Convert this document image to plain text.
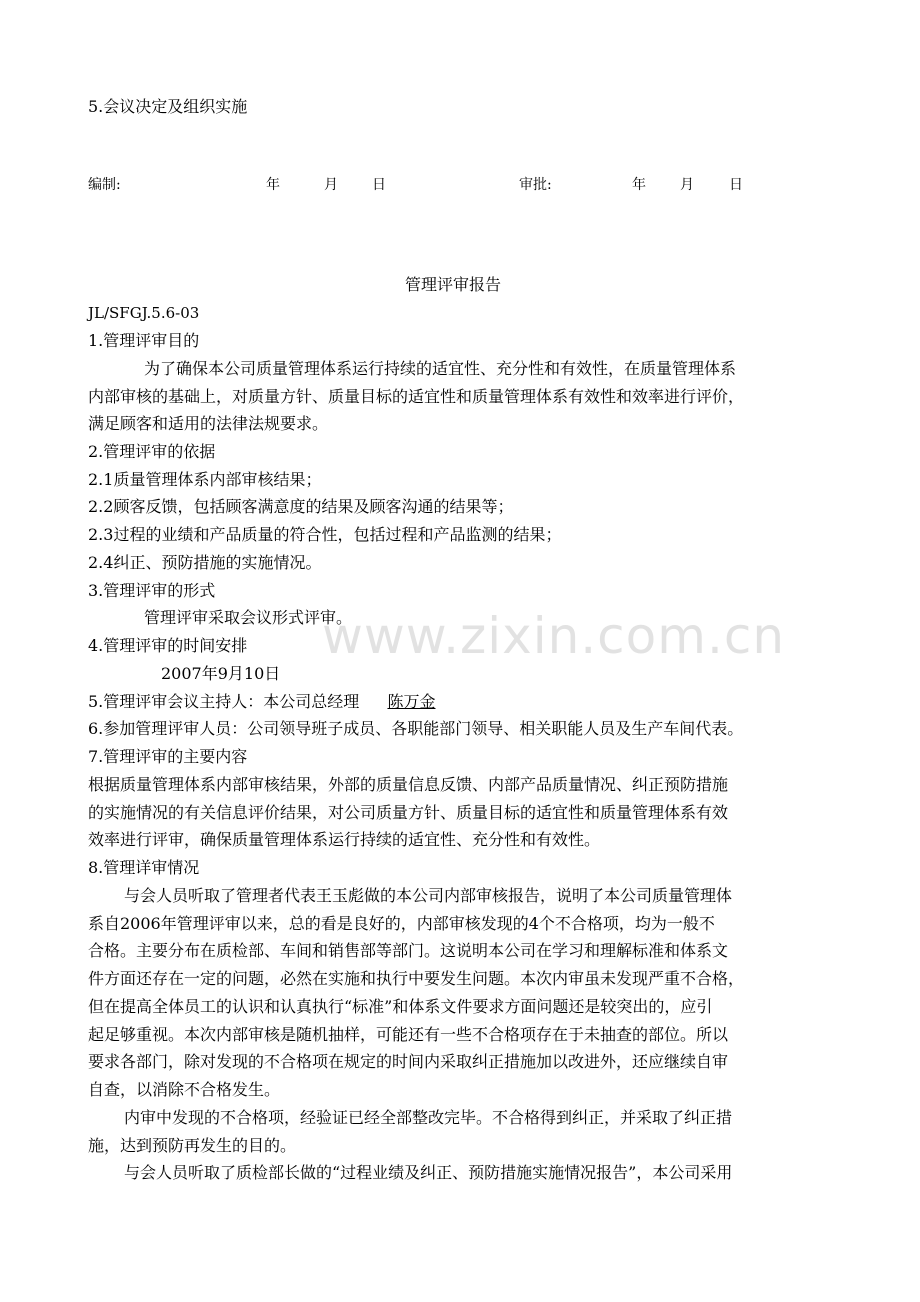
5.会议决定及组织实施
编制:	年	月 日	审批:	年 月	日
管理评审报告
JL/SFGJ.5.6-03
1.管理评审目的
为了确保本公司质量管理体系运行持续的适宜性、充分性和有效性，在质量管理体系
内部审核的基础上，对质量方针、质量目标的适宜性和质量管理体系有效性和效率进行评价，
满足顾客和适用的法律法规要求。
2.管理评审的依据
2.1质量管理体系内部审核结果；
2.2顾客反馈，包括顾客满意度的结果及顾客沟通的结果等；
2.3过程的业绩和产品质量的符合性，包括过程和产品监测的结果；
2.4纠正、预防措施的实施情况。
3.管理评审的形式
管理评审采取会议形式评审。
4.管理评审的时间安排
2007年9月10日
5.管理评审会议主持人：本公司总经理 陈万金
6.参加管理评审人员：公司领导班子成员、各职能部门领导、相关职能人员及生产车间代表。
7.管理评审的主要内容
根据质量管理体系内部审核结果，外部的质量信息反馈、内部产品质量情况、纠正预防措施
的实施情况的有关信息评价结果，对公司质量方针、质量目标的适宜性和质量管理体系有效
效率进行评审，确保质量管理体系运行持续的适宜性、充分性和有效性。
8.管理详审情况
与会人员听取了管理者代表王玉彪做的本公司内部审核报告，说明了本公司质量管理体
系自2006年管理评审以来，总的看是良好的，内部审核发现的4个不合格项，均为一般不
合格。主要分布在质检部、车间和销售部等部门。这说明本公司在学习和理解标准和体系文
件方面还存在一定的问题，必然在实施和执行中要发生问题。本次内审虽未发现严重不合格，
但在提高全体员工的认识和认真执行“标准”和体系文件要求方面问题还是较突出的，应引
起足够重视。本次内部审核是随机抽样，可能还有一些不合格项存在于未抽查的部位。所以
要求各部门，除对发现的不合格项在规定的时间内采取纠正措施加以改进外，还应继续自审
自查，以消除不合格发生。
内审中发现的不合格项，经验证已经全部整改完毕。不合格得到纠正，并采取了纠正措
施，达到预防再发生的目的。
与会人员听取了质检部长做的“过程业绩及纠正、预防措施实施情况报告”，本公司采用
www.zixin.com.cn
